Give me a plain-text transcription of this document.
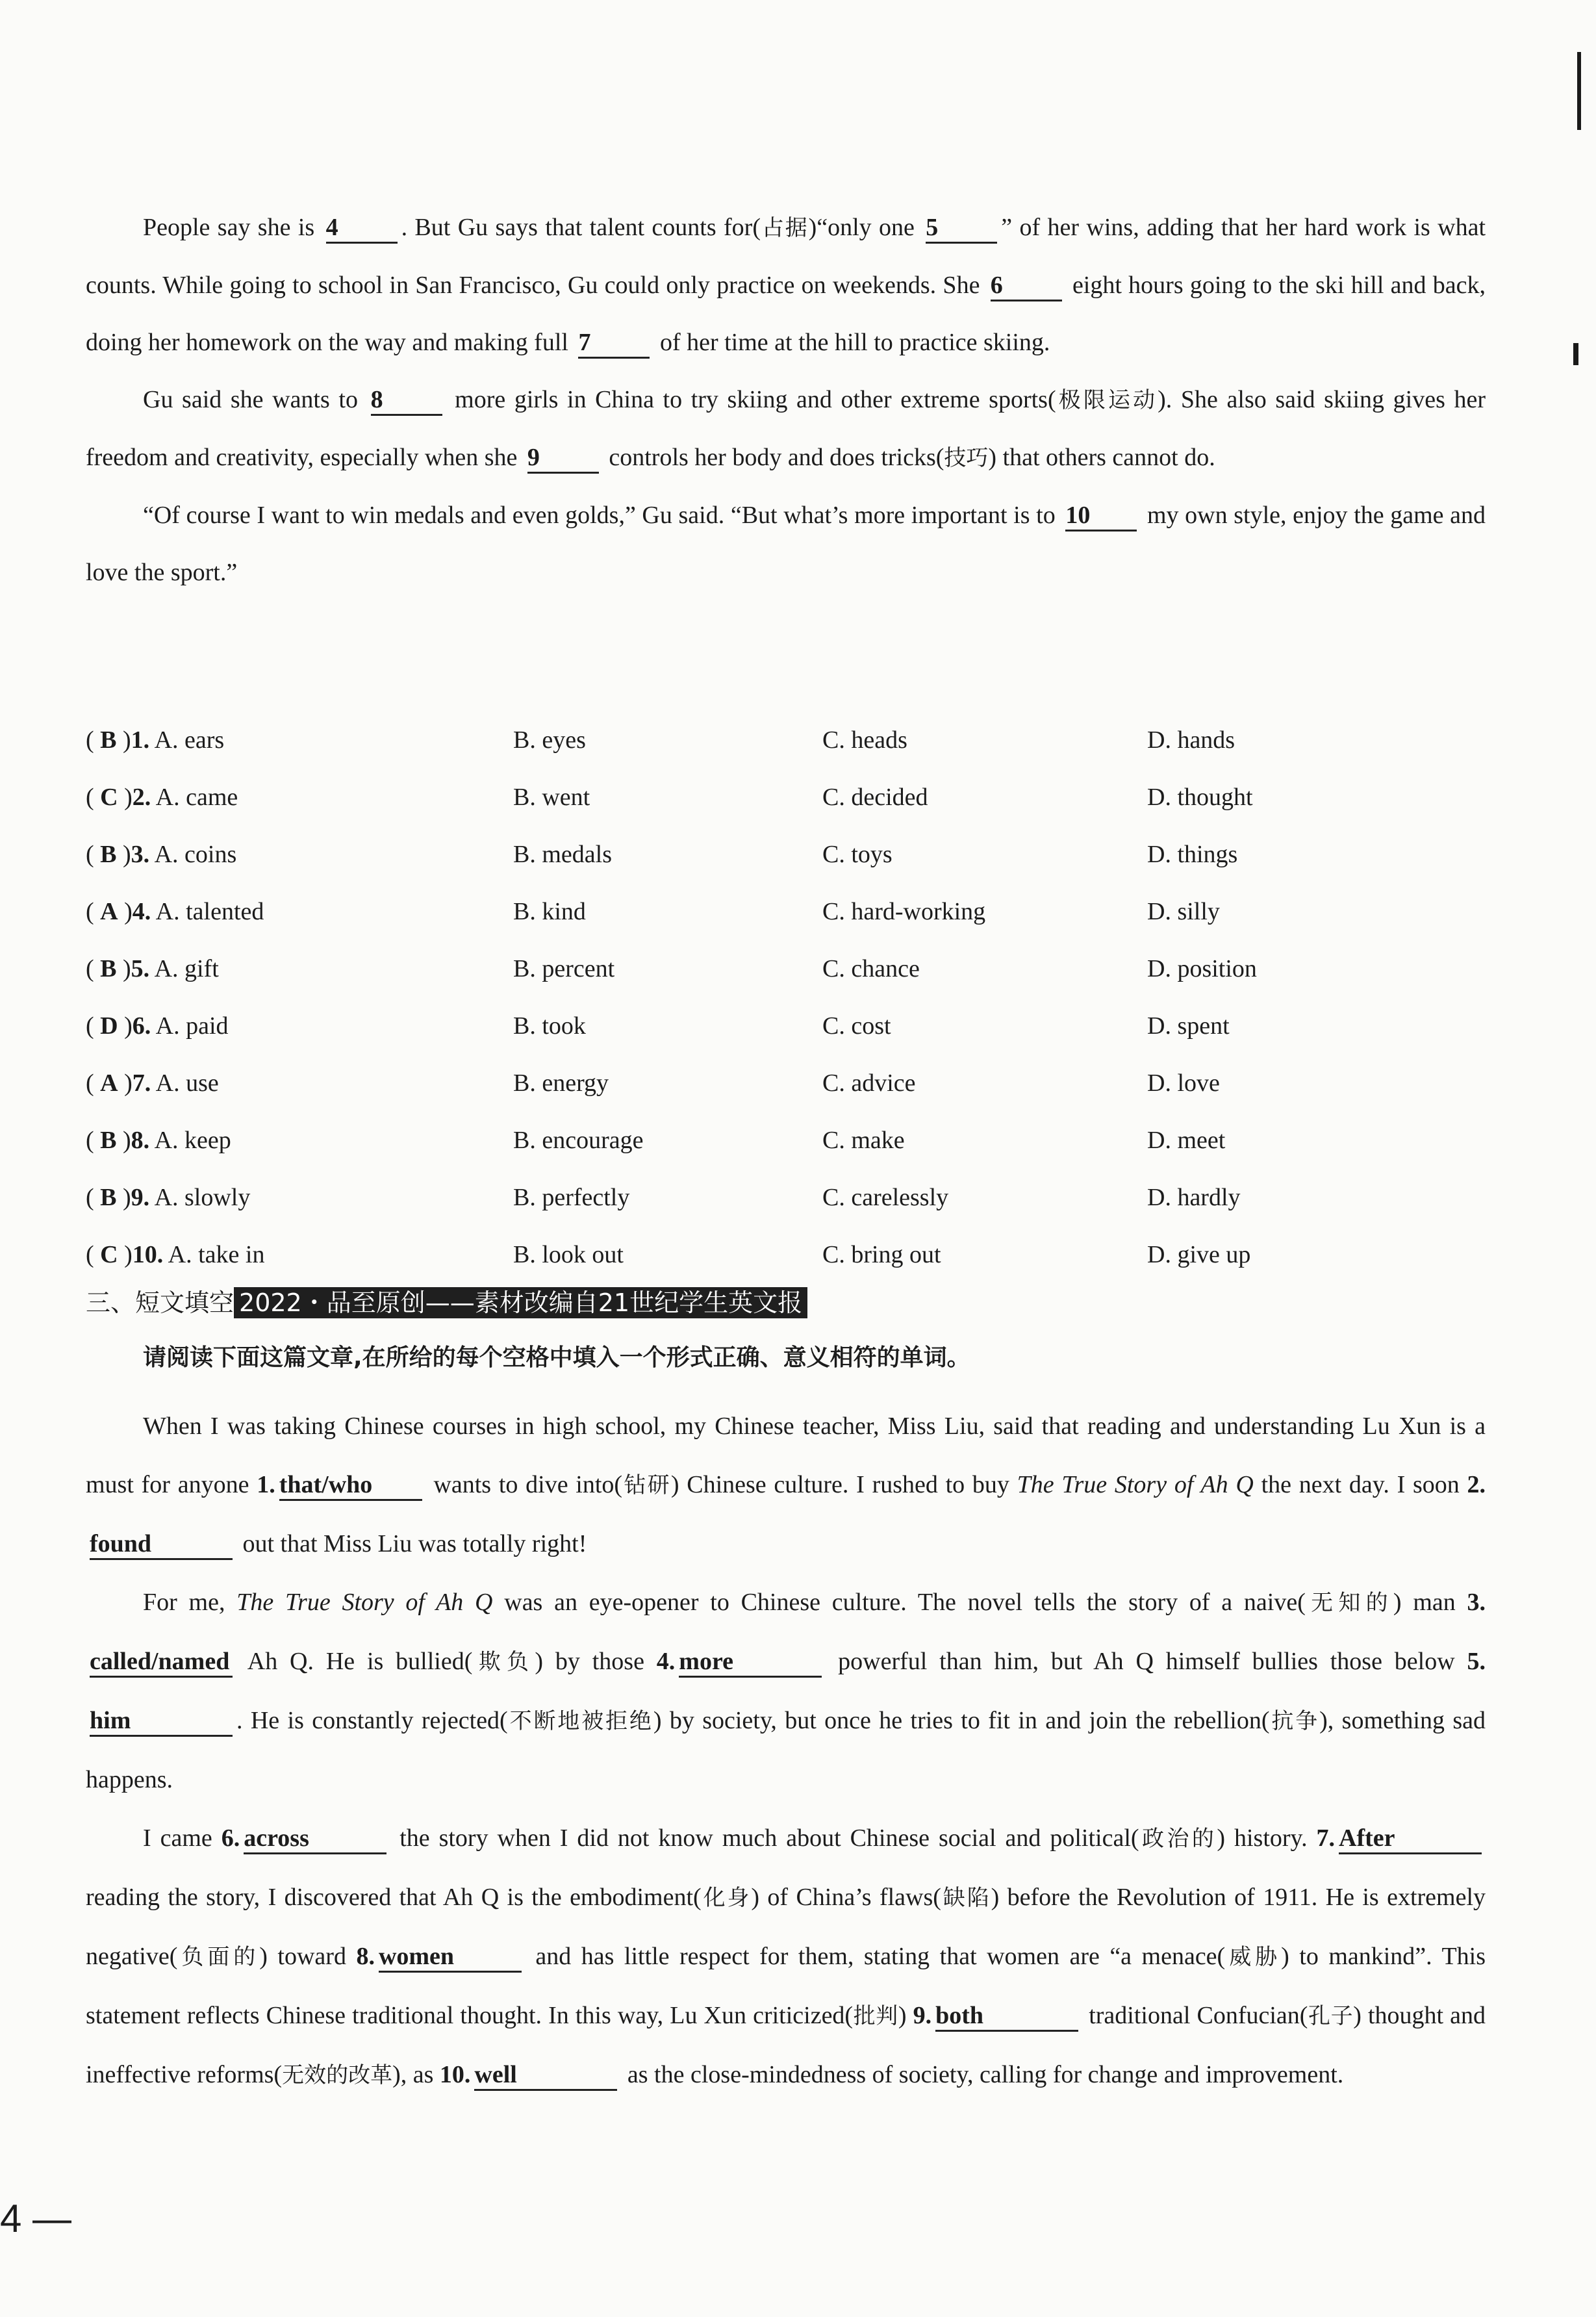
People say she is 4	. But Gu says that talent counts for(占据)“only one 5	” of her wins, adding that her hard work is what counts. While going to school in San Francisco, Gu could only practice on weekends. She 6	eight hours going to the ski hill and back, doing her homework on the way and making full 7	of her time at the hill to practice skiing.

Gu said she wants to 8	more girls in China to try skiing and other extreme sports(极限运动). She also said skiing gives her freedom and creativity, especially when she 9	controls her body and does tricks(技巧) that others cannot do.

“Of course I want to win medals and even golds,” Gu said. “But what’s more important is to 10 my own style, enjoy the game and love the sport.”

( B )1. A. ears	B. eyes	C. heads	D. hands
( C )2. A. came	B. went	C. decided	D. thought
( B )3. A. coins	B. medals	C. toys	D. things
( A )4. A. talented	B. kind	C. hard-working	D. silly
( B )5. A. gift	B. percent	C. chance	D. position
( D )6. A. paid	B. took	C. cost	D. spent
( A )7. A. use	B. energy	C. advice	D. love
( B )8. A. keep	B. encourage	C. make	D. meet
( B )9. A. slowly	B. perfectly	C. carelessly	D. hardly
( C )10. A. take in	B. look out	C. bring out	D. give up
三、短文填空 2022・品至原创——素材改编自21世纪学生英文报
请阅读下面这篇文章,在所给的每个空格中填入一个形式正确、意义相符的单词。

When I was taking Chinese courses in high school, my Chinese teacher, Miss Liu, said that reading and understanding Lu Xun is a must for anyone 1. that/who wants to dive into(钻研) Chinese culture. I rushed to buy The True Story of Ah Q the next day. I soon 2.found	out that Miss Liu was totally right!

For me, The True Story of Ah Q was an eye-opener to Chinese culture. The novel tells the story of a naive(无知的) man 3.called/named Ah Q. He is bullied(欺负) by those 4. more	powerful than him, but Ah Q himself bullies those below 5.him	. He is constantly rejected(不断地被拒绝) by society, but once he tries to fit in and join the rebellion(抗争), something sad happens.

I came 6. across	the story when I did not know much about Chinese social and political(政治的) history. 7. After reading the story, I discovered that Ah Q is the embodiment(化身) of China’s flaws(缺陷) before the Revolution of 1911. He is extremely negative(负面的) toward 8. women	and has little respect for them, stating that women are “a menace(威胁) to mankind”. This statement reflects Chinese traditional thought. In this way, Lu Xun criticized(批判) 9. both	traditional Confucian(孔子) thought and ineffective reforms(无效的改革), as 10. well	as the close-mindedness of society, calling for change and improvement.

4 —
